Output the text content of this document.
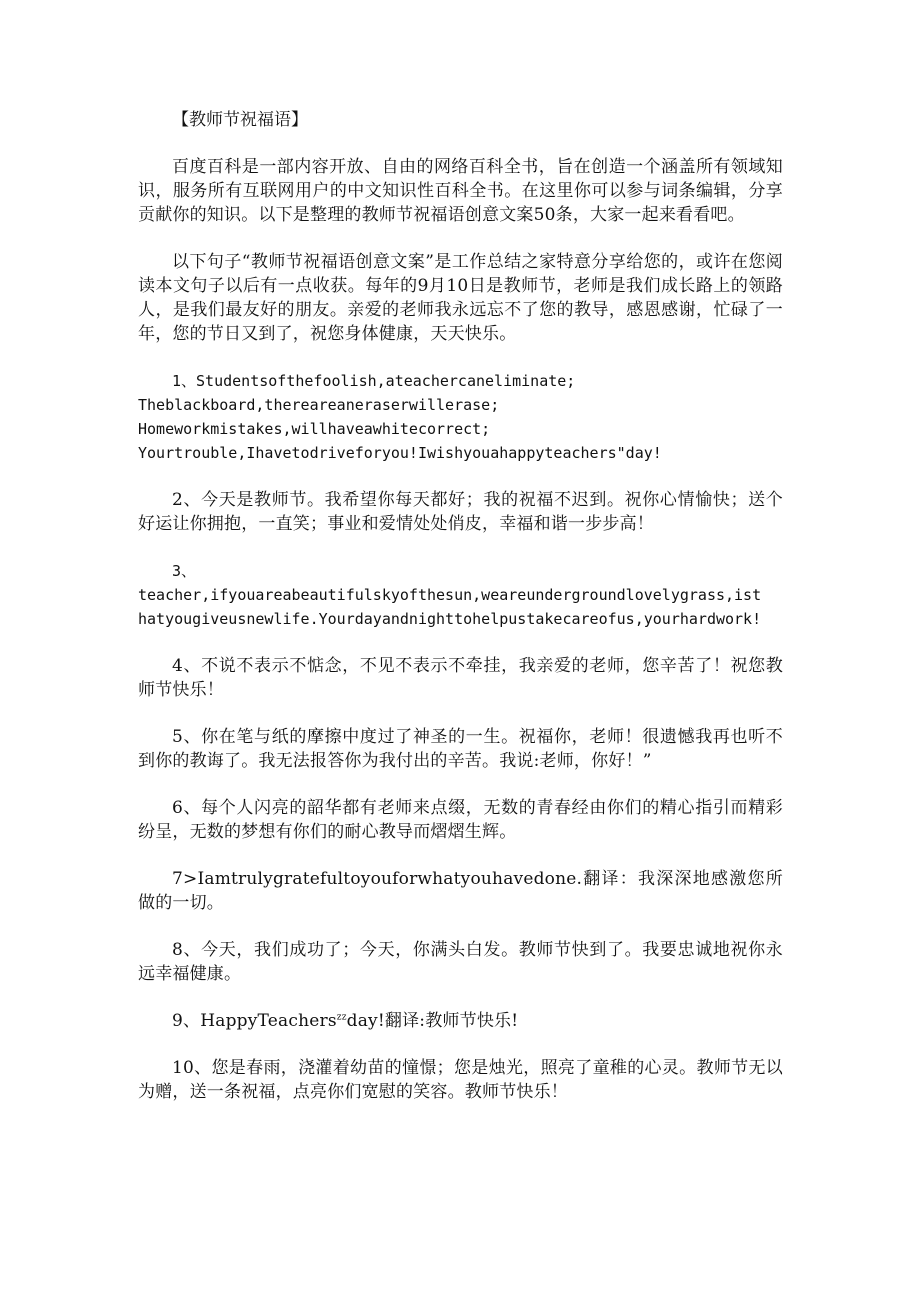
【教师节祝福语】

百度百科是一部内容开放、自由的网络百科全书，旨在创造一个涵盖所有领域知识，服务所有互联网用户的中文知识性百科全书。在这里你可以参与词条编辑，分享贡献你的知识。以下是整理的教师节祝福语创意文案50条，大家一起来看看吧。

以下句子“教师节祝福语创意文案”是工作总结之家特意分享给您的，或许在您阅读本文句子以后有一点收获。每年的9月10日是教师节，老师是我们成长路上的领路人，是我们最友好的朋友。亲爱的老师我永远忘不了您的教导，感恩感谢，忙碌了一年，您的节日又到了，祝您身体健康，天天快乐。

1、Studentsofthefoolish,ateachercaneliminate;
Theblackboard,thereareaneraserwillerase;
Homeworkmistakes,willhaveawhitecorrect;
Yourtrouble,Ihavetodriveforyou!Iwishyouahappyteachers"day!

2、今天是教师节。我希望你每天都好；我的祝福不迟到。祝你心情愉快；送个好运让你拥抱，一直笑；事业和爱情处处俏皮，幸福和谐一步步高！

3、
teacher,ifyouareabeautifulskyofthesun,weareundergroundlovelygrass,ist
hatyougiveusnewlife.Yourdayandnighttohelpustakecareofus,yourhardwork!

4、不说不表示不惦念，不见不表示不牵挂，我亲爱的老师，您辛苦了！祝您教师节快乐！

5、你在笔与纸的摩擦中度过了神圣的一生。祝福你，老师！很遗憾我再也听不到你的教诲了。我无法报答你为我付出的辛苦。我说:老师，你好！”

6、每个人闪亮的韶华都有老师来点缀，无数的青春经由你们的精心指引而精彩纷呈，无数的梦想有你们的耐心教导而熠熠生辉。

7>Iamtrulygratefultoyouforwhatyouhavedone.翻译：我深深地感激您所做的一切。

8、今天，我们成功了；今天，你满头白发。教师节快到了。我要忠诚地祝你永远幸福健康。

9、HappyTeachers$^{zz}$day!翻译:教师节快乐!

10、您是春雨，浇灌着幼苗的憧憬；您是烛光，照亮了童稚的心灵。教师节无以为赠，送一条祝福，点亮你们宽慰的笑容。教师节快乐！
